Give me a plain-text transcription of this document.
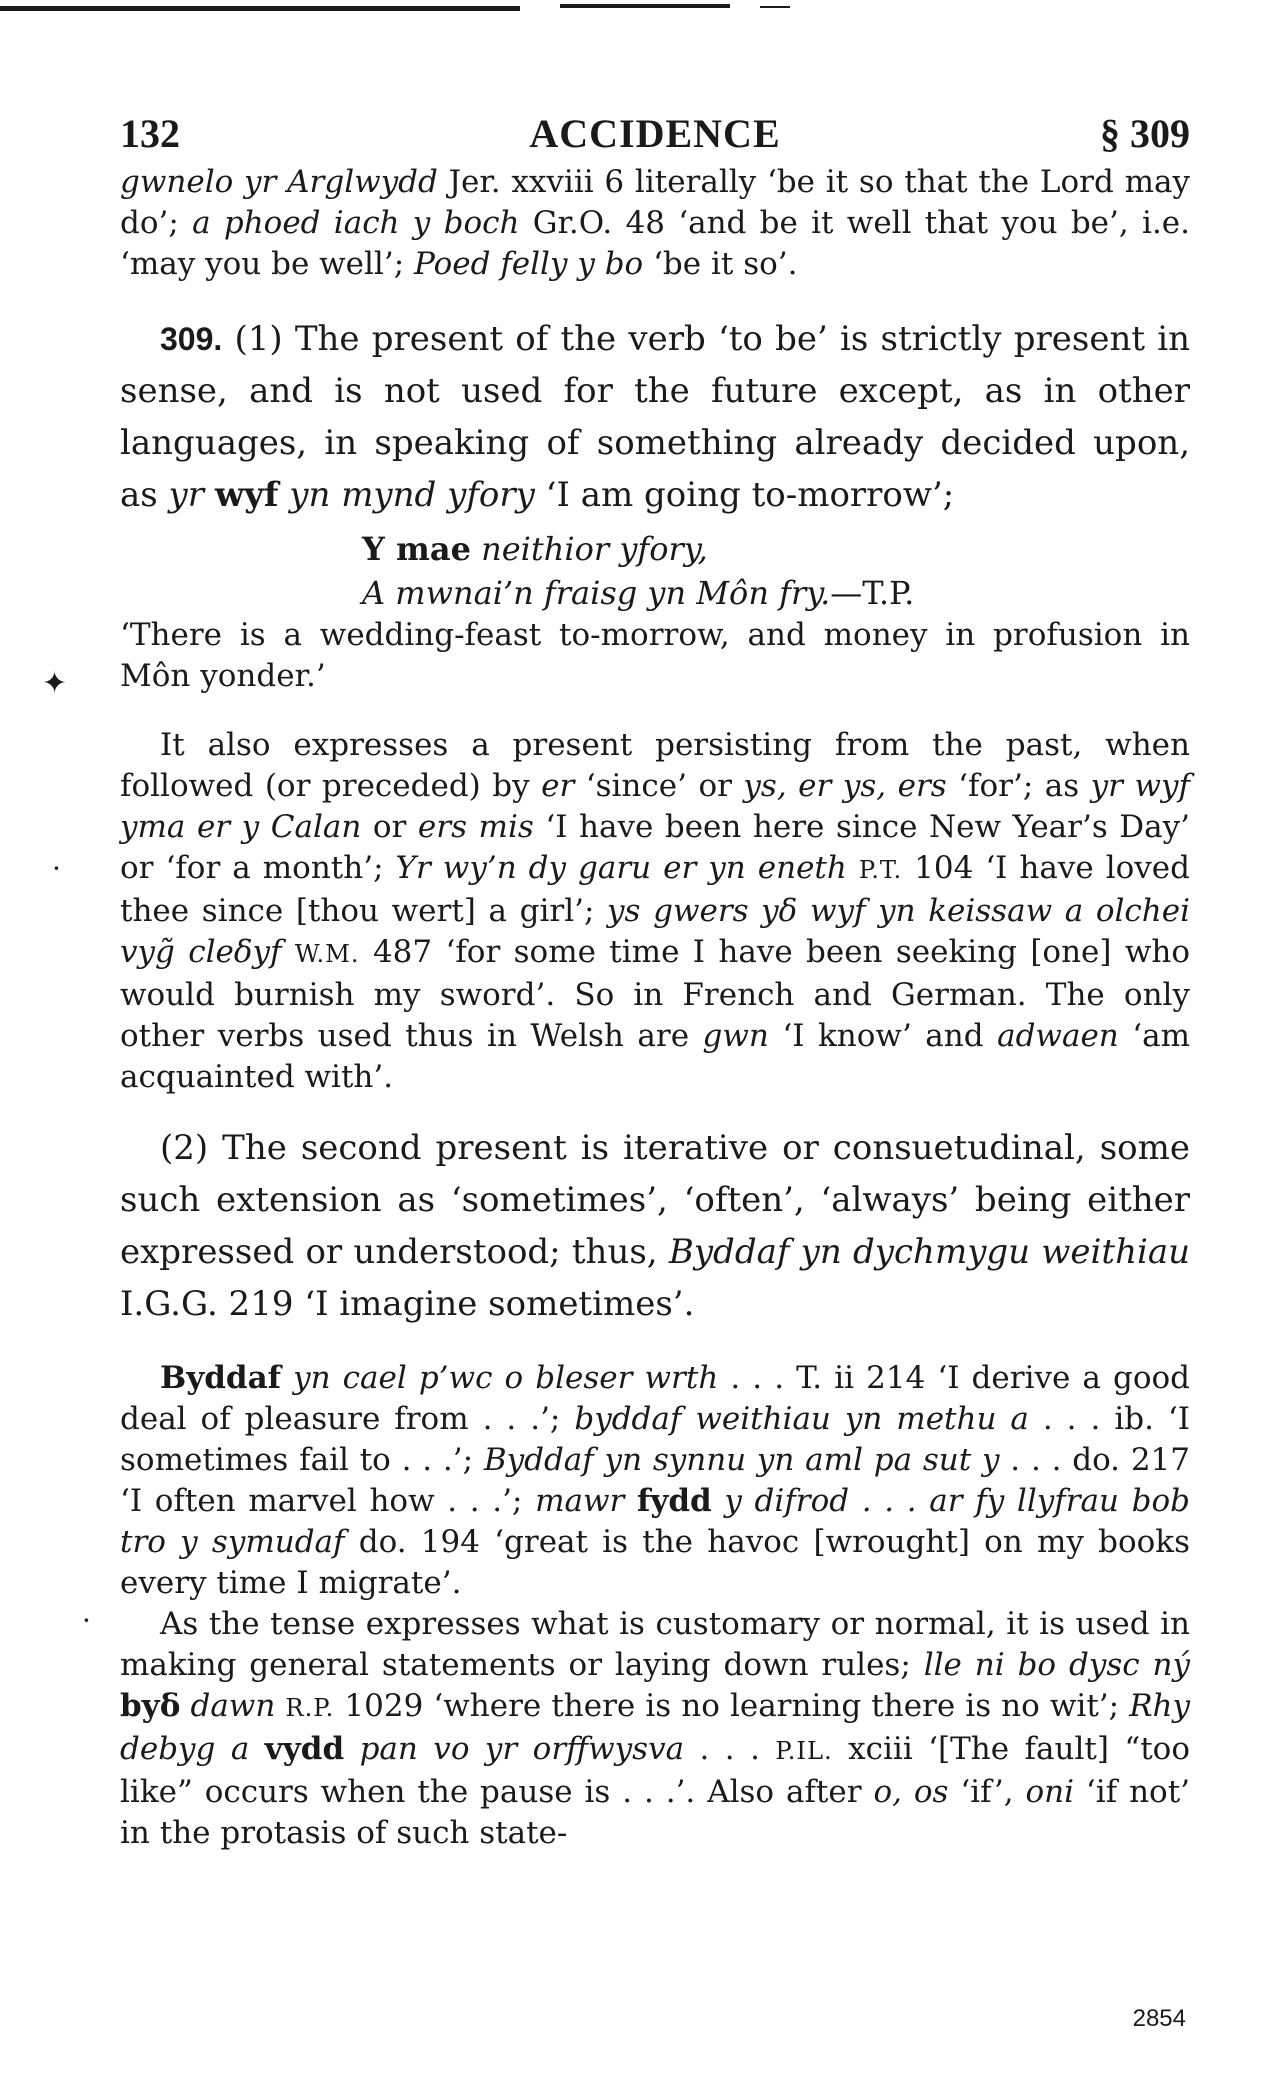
✦
·
·
132	ACCIDENCE	§ 309

gwnelo yr Arglwydd Jer. xxviii 6 literally ‘be it so that the Lord may do’; a phoed iach y boch Gr.O. 48 ‘and be it well that you be’, i.e. ‘may you be well’; Poed felly y bo ‘be it so’.

309. (1) The present of the verb ‘to be’ is strictly present in sense, and is not used for the future except, as in other languages, in speaking of something already decided upon, as yr wyf yn mynd yfory ‘I am going to-morrow’;

Y mae neithior yfory,
A mwnai’n fraisg yn Môn fry.—T.P.

‘There is a wedding-feast to-morrow, and money in profusion in Môn yonder.’

It also expresses a present persisting from the past, when followed (or preceded) by er ‘since’ or ys, er ys, ers ‘for’; as yr wyf yma er y Calan or ers mis ‘I have been here since New Year’s Day’ or ‘for a month’; Yr wy’n dy garu er yn eneth P.T. 104 ‘I have loved thee since [thou wert] a girl’; ys gwers yδ wyf yn keissaw a olchei vyg̃ cleδyf W.M. 487 ‘for some time I have been seeking [one] who would burnish my sword’. So in French and German. The only other verbs used thus in Welsh are gwn ‘I know’ and adwaen ‘am acquainted with’.

(2) The second present is iterative or consuetudinal, some such extension as ‘sometimes’, ‘often’, ‘always’ being either expressed or understood; thus, Byddaf yn dychmygu weithiau I.G.G. 219 ‘I imagine sometimes’.

Byddaf yn cael p’wc o bleser wrth . . . T. ii 214 ‘I derive a good deal of pleasure from . . .’; byddaf weithiau yn methu a . . . ib. ‘I sometimes fail to . . .’; Byddaf yn synnu yn aml pa sut y . . . do. 217 ‘I often marvel how . . .’; mawr fydd y difrod . . . ar fy llyfrau bob tro y symudaf do. 194 ‘great is the havoc [wrought] on my books every time I migrate’.

As the tense expresses what is customary or normal, it is used in making general statements or laying down rules; lle ni bo dysc ný byδ dawn R.P. 1029 ‘where there is no learning there is no wit’; Rhy debyg a vydd pan vo yr orffwysva . . . P.IL. xciii ‘[The fault] “too like” occurs when the pause is . . .’. Also after o, os ‘if’, oni ‘if not’ in the protasis of such state-

2854
